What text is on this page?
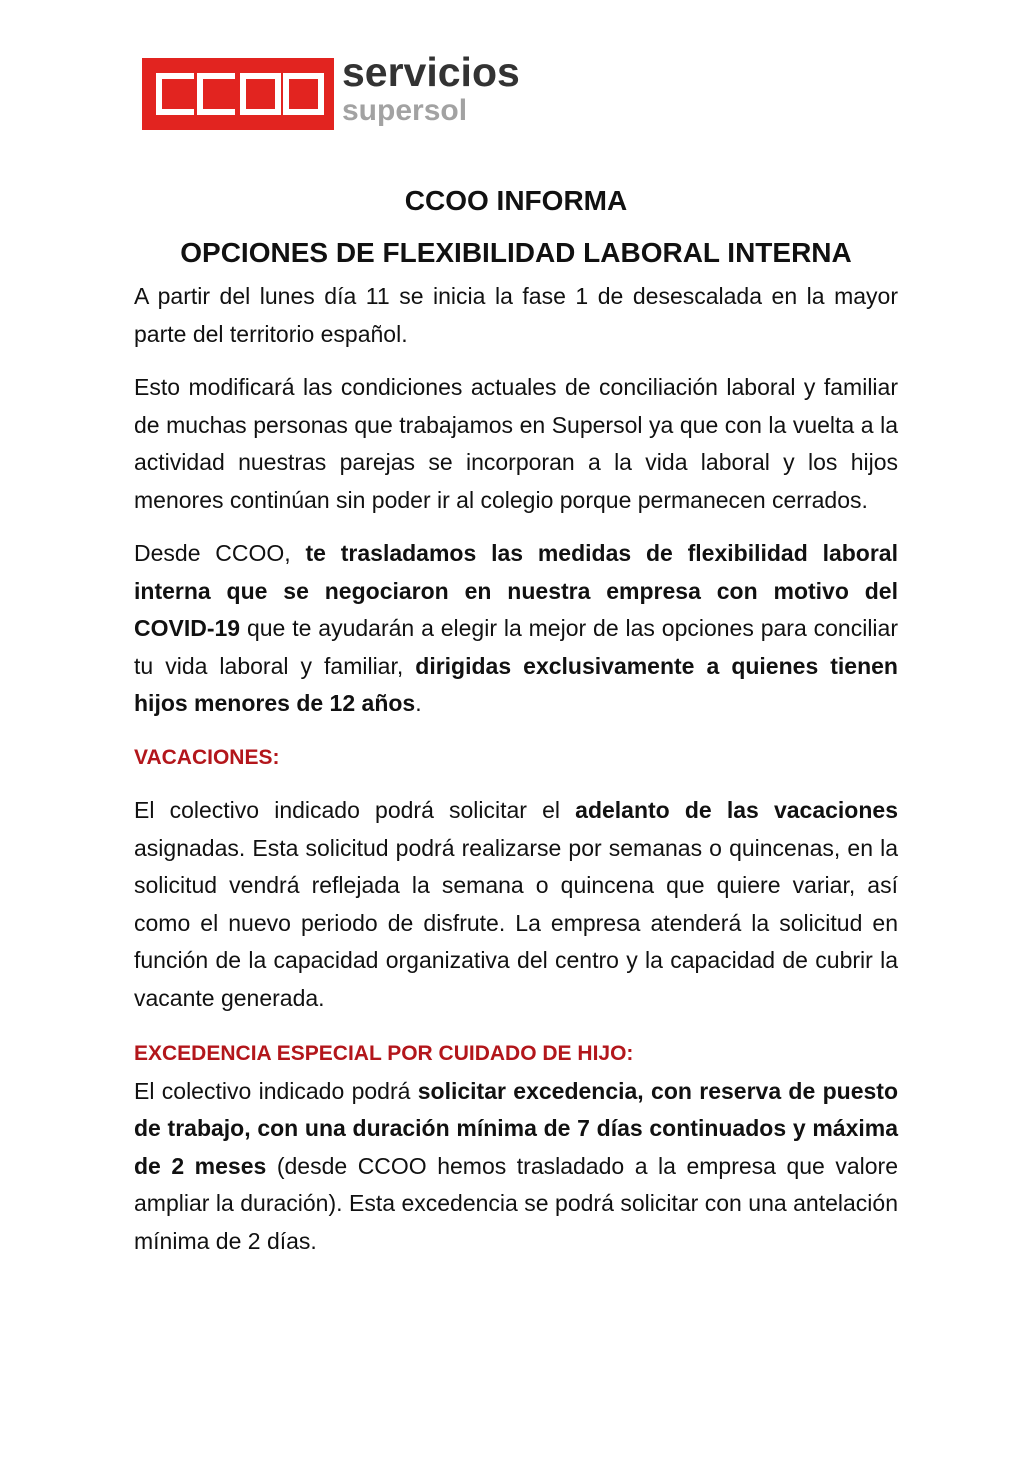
servicios
supersol
CCOO INFORMA
OPCIONES DE FLEXIBILIDAD LABORAL INTERNA

A partir del lunes día 11 se inicia la fase 1 de desescalada en la mayor parte del territorio español.

Esto modificará las condiciones actuales de conciliación laboral y familiar de muchas personas que trabajamos en Supersol ya que con la vuelta a la actividad nuestras parejas se incorporan a la vida laboral y los hijos menores continúan sin poder ir al colegio porque permanecen cerrados.

Desde CCOO, te trasladamos las medidas de flexibilidad laboral interna que se negociaron en nuestra empresa con motivo del COVID-19 que te ayudarán a elegir la mejor de las opciones para conciliar tu vida laboral y familiar, dirigidas exclusivamente a quienes tienen hijos menores de 12 años.

VACACIONES:

El colectivo indicado podrá solicitar el adelanto de las vacaciones asignadas. Esta solicitud podrá realizarse por semanas o quincenas, en la solicitud vendrá reflejada la semana o quincena que quiere variar, así como el nuevo periodo de disfrute. La empresa atenderá la solicitud en función de la capacidad organizativa del centro y la capacidad de cubrir la vacante generada.

EXCEDENCIA ESPECIAL POR CUIDADO DE HIJO:

El colectivo indicado podrá solicitar excedencia, con reserva de puesto de trabajo, con una duración mínima de 7 días continuados y máxima de 2 meses (desde CCOO hemos trasladado a la empresa que valore ampliar la duración). Esta excedencia se podrá solicitar con una antelación mínima de 2 días.
